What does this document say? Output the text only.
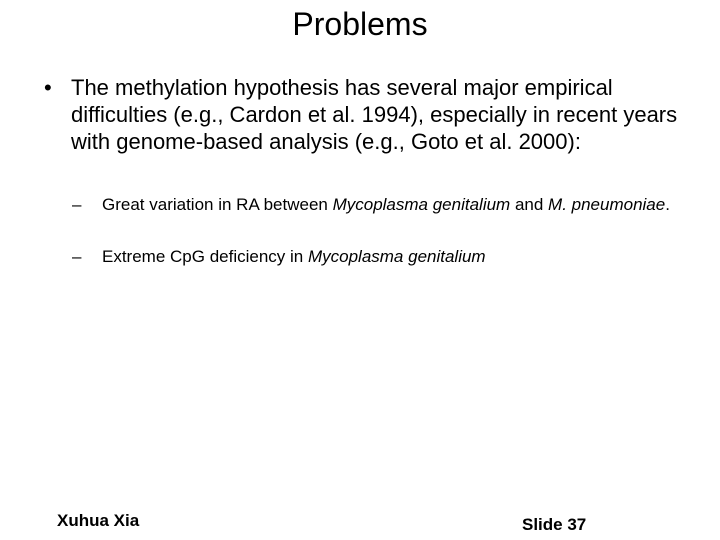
Problems
• The methylation hypothesis has several major empirical difficulties (e.g., Cardon et al. 1994), especially in recent years with genome-based analysis (e.g., Goto et al. 2000):
– Great variation in RA between Mycoplasma genitalium and M. pneumoniae.
– Extreme CpG deficiency in Mycoplasma genitalium
Xuhua Xia	Slide 37
